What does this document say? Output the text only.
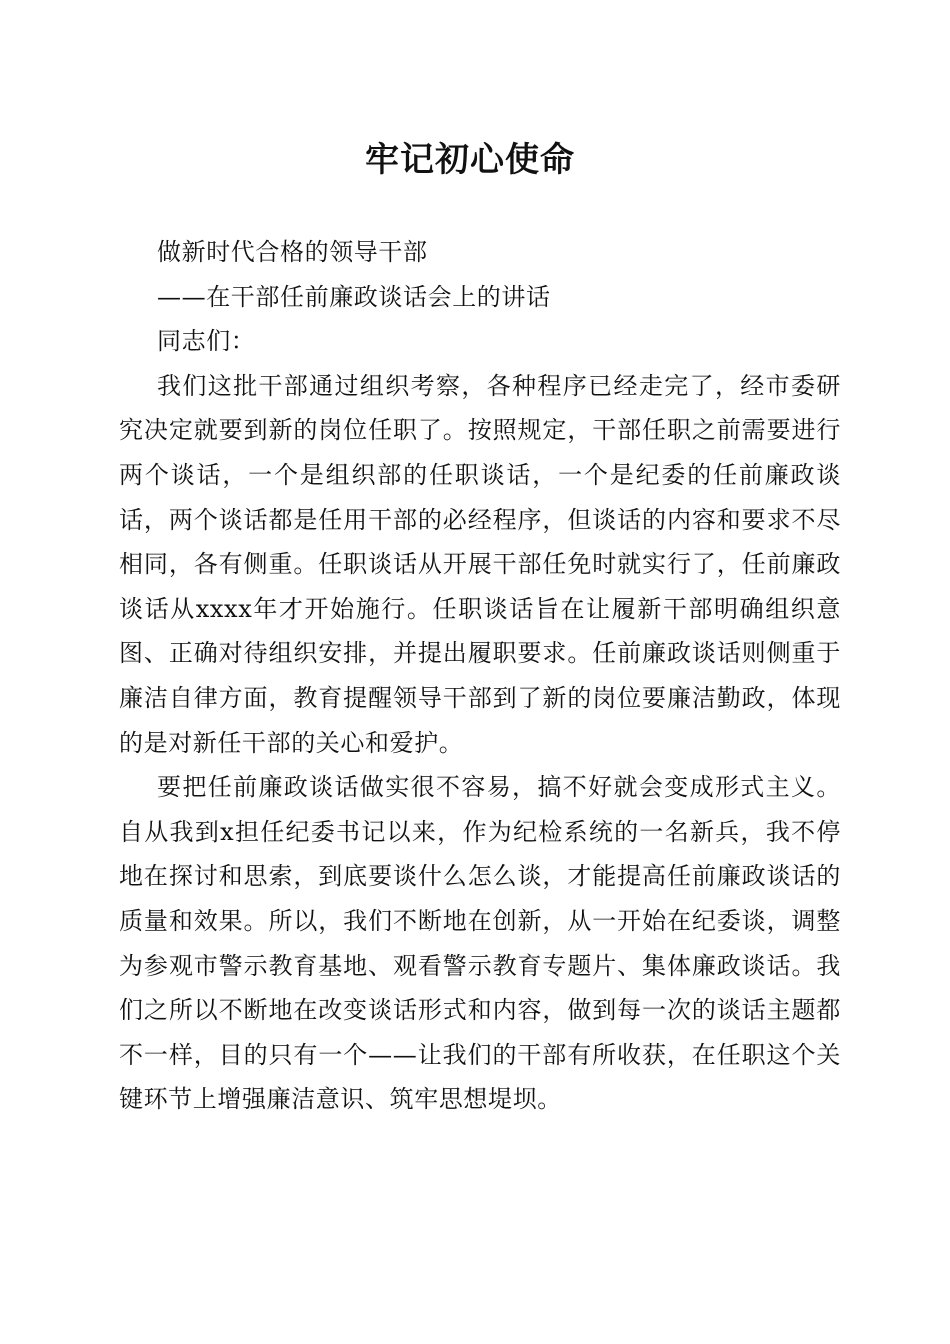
牢记初心使命

做新时代合格的领导干部

——在干部任前廉政谈话会上的讲话

同志们：

我们这批干部通过组织考察，各种程序已经走完了，经市委研究决定就要到新的岗位任职了。按照规定，干部任职之前需要进行两个谈话，一个是组织部的任职谈话，一个是纪委的任前廉政谈话，两个谈话都是任用干部的必经程序，但谈话的内容和要求不尽相同，各有侧重。任职谈话从开展干部任免时就实行了，任前廉政谈话从xxxx年才开始施行。任职谈话旨在让履新干部明确组织意图、正确对待组织安排，并提出履职要求。任前廉政谈话则侧重于廉洁自律方面，教育提醒领导干部到了新的岗位要廉洁勤政，体现的是对新任干部的关心和爱护。

要把任前廉政谈话做实很不容易，搞不好就会变成形式主义。自从我到x担任纪委书记以来，作为纪检系统的一名新兵，我不停地在探讨和思索，到底要谈什么怎么谈，才能提高任前廉政谈话的质量和效果。所以，我们不断地在创新，从一开始在纪委谈，调整为参观市警示教育基地、观看警示教育专题片、集体廉政谈话。我们之所以不断地在改变谈话形式和内容，做到每一次的谈话主题都不一样，目的只有一个——让我们的干部有所收获，在任职这个关键环节上增强廉洁意识、筑牢思想堤坝。
